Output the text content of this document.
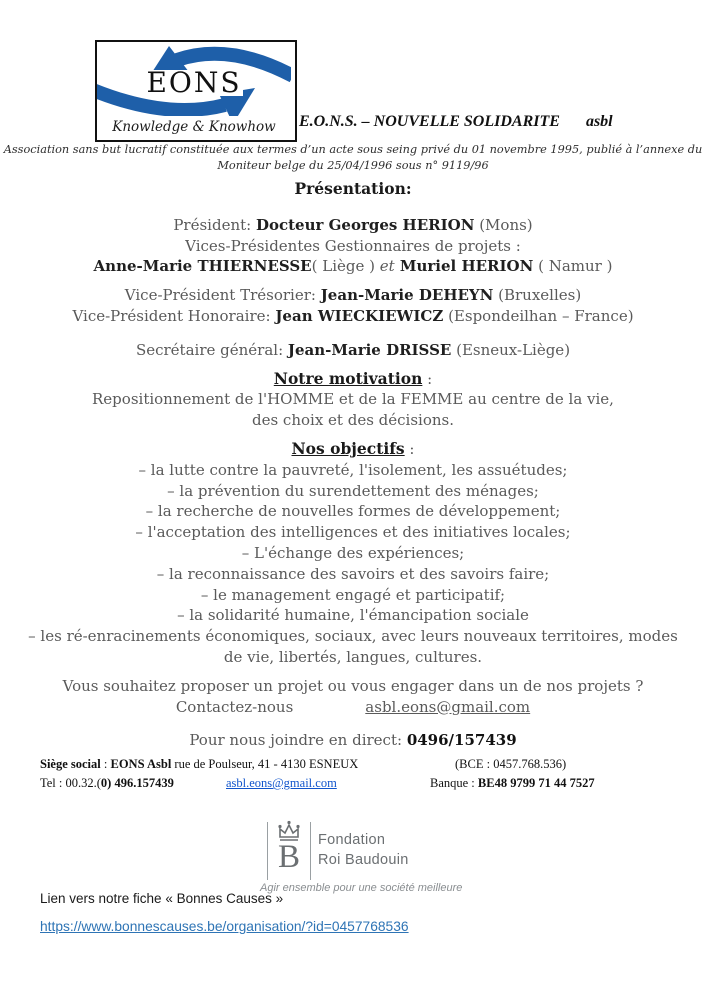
EONS
Knowledge & Knowhow E.O.N.S. – NOUVELLE SOLIDARITE asbl
Association sans but lucratif constituée aux termes d’un acte sous seing privé du 01 novembre 1995, publié à l’annexe du
Moniteur belge du 25/04/1996 sous n° 9119/96
Présentation:
Président: Docteur Georges HERION (Mons)
Vices-Présidentes Gestionnaires de projets :
Anne-Marie THIERNESSE( Liège ) et Muriel HERION ( Namur )
Vice-Président Trésorier: Jean-Marie DEHEYN (Bruxelles)
Vice-Président Honoraire: Jean WIECKIEWICZ (Espondeilhan – France)
Secrétaire général: Jean-Marie DRISSE (Esneux-Liège)
Notre motivation :
Repositionnement de l'HOMME et de la FEMME au centre de la vie,
des choix et des décisions.
Nos objectifs :
– la lutte contre la pauvreté, l'isolement, les assuétudes;
– la prévention du surendettement des ménages;
– la recherche de nouvelles formes de développement;
– l'acceptation des intelligences et des initiatives locales;
– L'échange des expériences;
– la reconnaissance des savoirs et des savoirs faire;
– le management engagé et participatif;
– la solidarité humaine, l'émancipation sociale
– les ré-enracinements économiques, sociaux, avec leurs nouveaux territoires, modes de vie, libertés, langues, cultures.
Vous souhaitez proposer un projet ou vous engager dans un de nos projets ?
Contactez-nous	asbl.eons@gmail.com
Pour nous joindre en direct: 0496/157439
Siège social : EONS Asbl rue de Poulseur, 41 - 4130 ESNEUX	(BCE : 0457.768.536)
Tel : 00.32.(0) 496.157439	asbl.eons@gmail.com	Banque : BE48 9799 71 44 7527
B Fondation
Roi Baudouin
Agir ensemble pour une société meilleure
Lien vers notre fiche « Bonnes Causes »
https://www.bonnescauses.be/organisation/?id=0457768536
